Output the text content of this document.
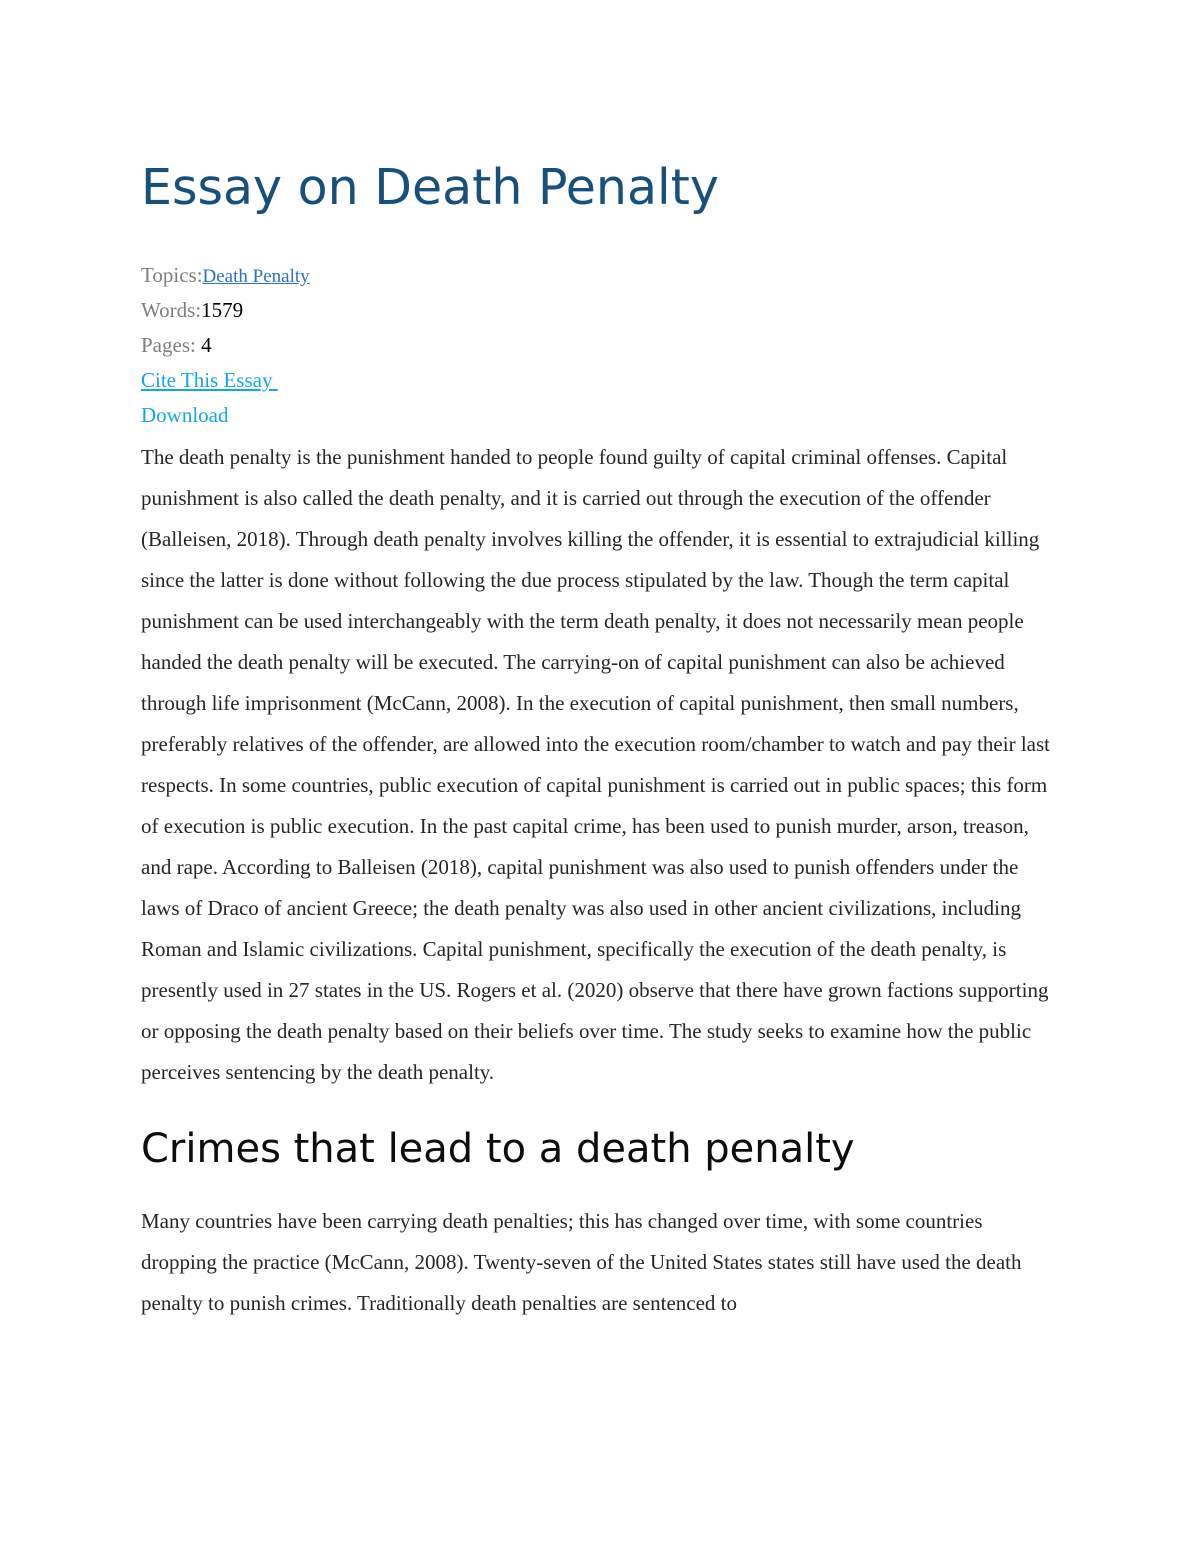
Essay on Death Penalty
Topics:Death Penalty
Words:1579
Pages: 4
Cite This Essay
Download

The death penalty is the punishment handed to people found guilty of capital criminal offenses. Capital punishment is also called the death penalty, and it is carried out through the execution of the offender (Balleisen, 2018). Through death penalty involves killing the offender, it is essential to extrajudicial killing since the latter is done without following the due process stipulated by the law. Though the term capital punishment can be used interchangeably with the term death penalty, it does not necessarily mean people handed the death penalty will be executed. The carrying-on of capital punishment can also be achieved through life imprisonment (McCann, 2008). In the execution of capital punishment, then small numbers, preferably relatives of the offender, are allowed into the execution room/chamber to watch and pay their last respects. In some countries, public execution of capital punishment is carried out in public spaces; this form of execution is public execution. In the past capital crime, has been used to punish murder, arson, treason, and rape. According to Balleisen (2018), capital punishment was also used to punish offenders under the laws of Draco of ancient Greece; the death penalty was also used in other ancient civilizations, including Roman and Islamic civilizations. Capital punishment, specifically the execution of the death penalty, is presently used in 27 states in the US. Rogers et al. (2020) observe that there have grown factions supporting or opposing the death penalty based on their beliefs over time. The study seeks to examine how the public perceives sentencing by the death penalty.

Crimes that lead to a death penalty

Many countries have been carrying death penalties; this has changed over time, with some countries dropping the practice (McCann, 2008). Twenty-seven of the United States states still have used the death penalty to punish crimes. Traditionally death penalties are sentenced to
